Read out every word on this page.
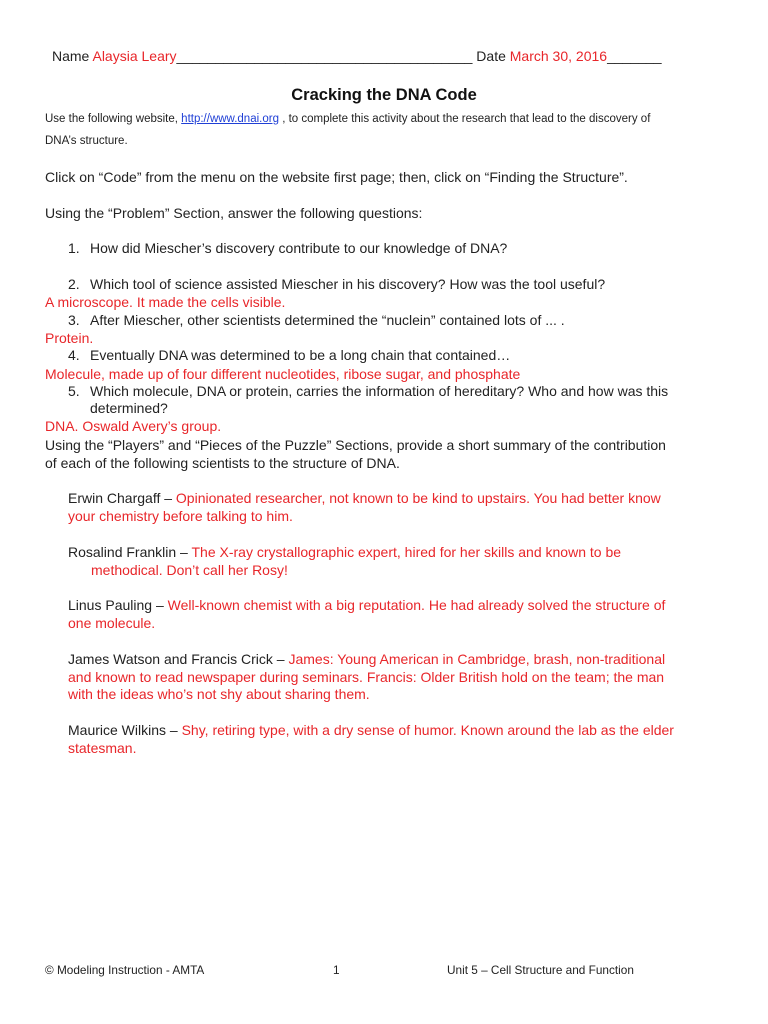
Name Alaysia Leary______________________________________ Date March 30, 2016_______
Cracking the DNA Code
Use the following website, http://www.dnai.org , to complete this activity about the research that lead to the discovery of
DNA’s structure.
Click on “Code” from the menu on the website first page; then, click on “Finding the Structure”.
Using the “Problem” Section, answer the following questions:
1. How did Miescher’s discovery contribute to our knowledge of DNA?
2. Which tool of science assisted Miescher in his discovery? How was the tool useful?
A microscope. It made the cells visible.
3. After Miescher, other scientists determined the “nuclein” contained lots of ... .
Protein.
4. Eventually DNA was determined to be a long chain that contained…
Molecule, made up of four different nucleotides, ribose sugar, and phosphate
5. Which molecule, DNA or protein, carries the information of hereditary? Who and how was this
determined?
DNA. Oswald Avery’s group.
Using the “Players” and “Pieces of the Puzzle” Sections, provide a short summary of the contribution
of each of the following scientists to the structure of DNA.
Erwin Chargaff – Opinionated researcher, not known to be kind to upstairs. You had better know
your chemistry before talking to him.
Rosalind Franklin – The X-ray crystallographic expert, hired for her skills and known to be
methodical. Don’t call her Rosy!
Linus Pauling – Well-known chemist with a big reputation. He had already solved the structure of
one molecule.
James Watson and Francis Crick – James: Young American in Cambridge, brash, non-traditional
and known to read newspaper during seminars. Francis: Older British hold on the team; the man
with the ideas who’s not shy about sharing them.
Maurice Wilkins – Shy, retiring type, with a dry sense of humor. Known around the lab as the elder
statesman.
© Modeling Instruction - AMTA	1	Unit 5 – Cell Structure and Function
